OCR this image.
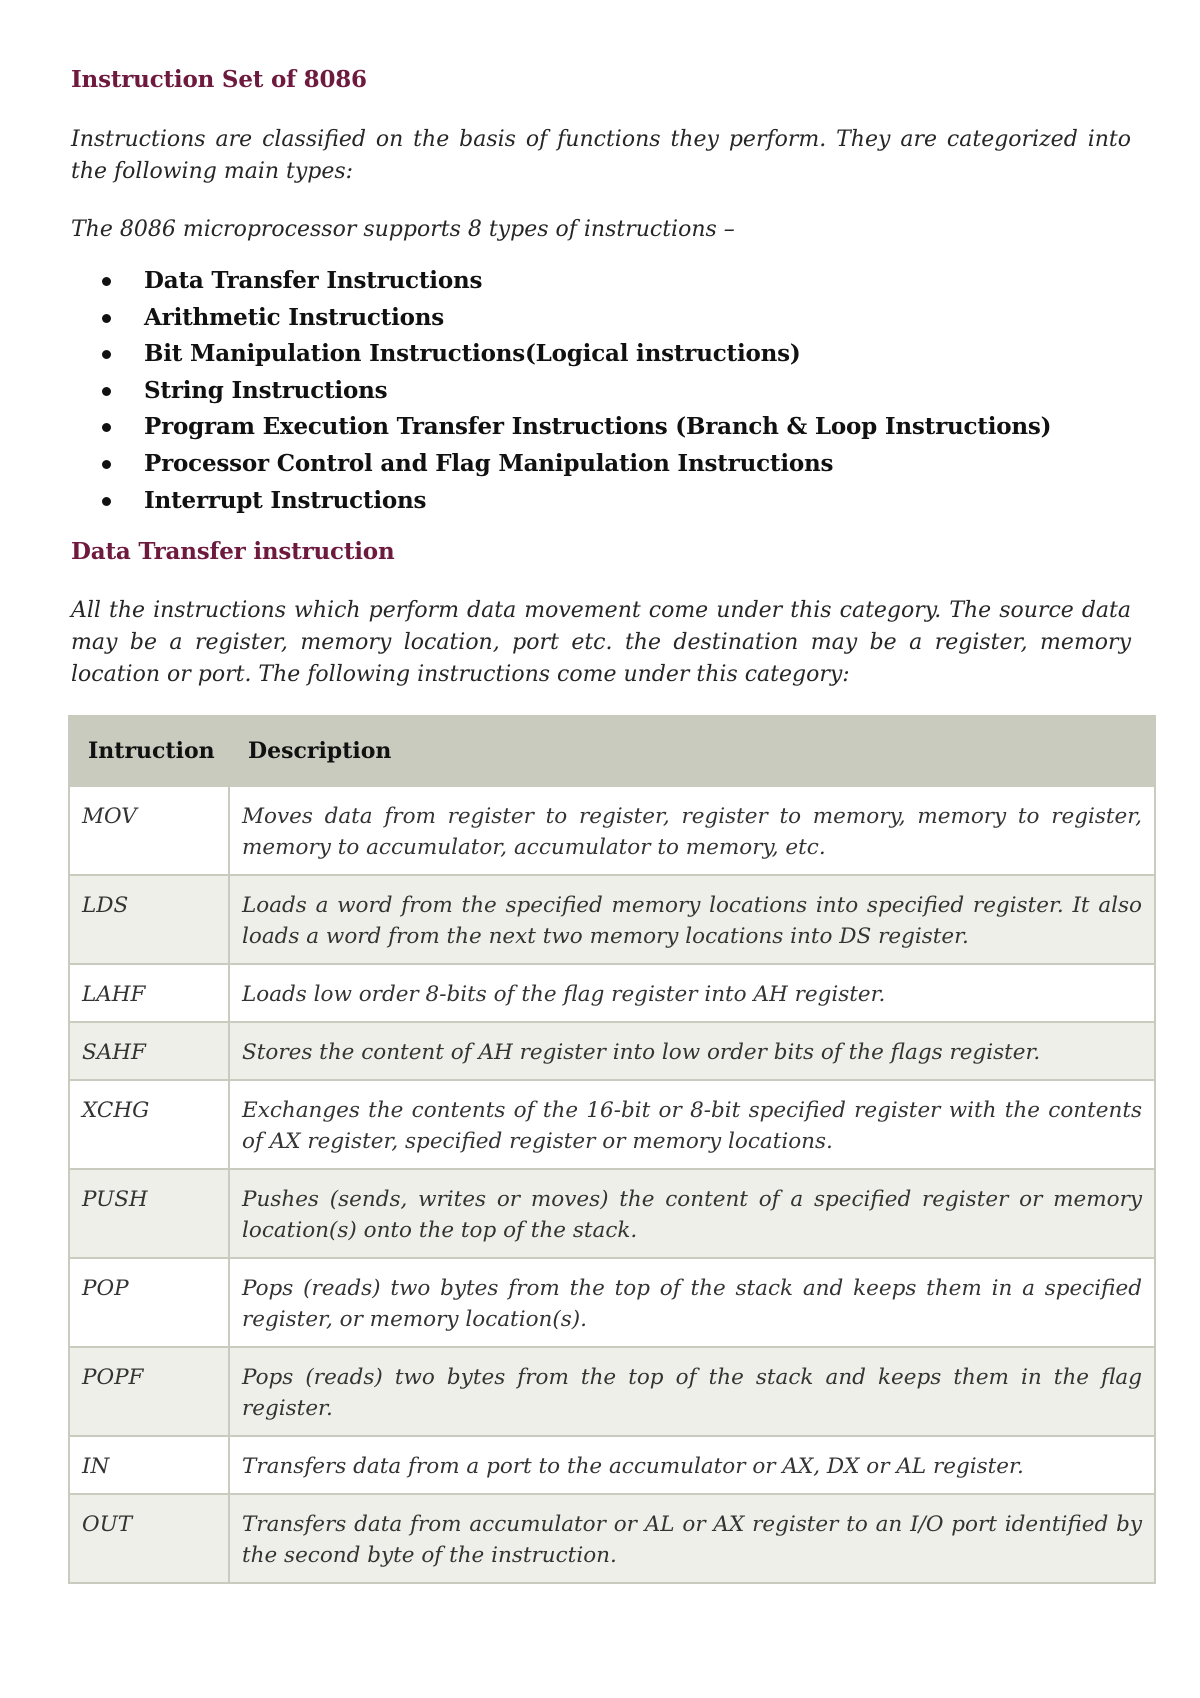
Instruction Set of 8086

Instructions are classified on the basis of functions they perform. They are categorized into the following main types:

The 8086 microprocessor supports 8 types of instructions –

Data Transfer Instructions
Arithmetic Instructions
Bit Manipulation Instructions(Logical instructions)
String Instructions
Program Execution Transfer Instructions (Branch & Loop Instructions)
Processor Control and Flag Manipulation Instructions
Interrupt Instructions
Data Transfer instruction

All the instructions which perform data movement come under this category. The source data may be a register, memory location, port etc. the destination may be a register, memory location or port. The following instructions come under this category:

Intruction	Description
MOV	Moves data from register to register, register to memory, memory to register, memory to accumulator, accumulator to memory, etc.
LDS	Loads a word from the specified memory locations into specified register. It also loads a word from the next two memory locations into DS register.
LAHF	Loads low order 8-bits of the flag register into AH register.
SAHF	Stores the content of AH register into low order bits of the flags register.
XCHG	Exchanges the contents of the 16-bit or 8-bit specified register with the contents of AX register, specified register or memory locations.
PUSH	Pushes (sends, writes or moves) the content of a specified register or memory location(s) onto the top of the stack.
POP	Pops (reads) two bytes from the top of the stack and keeps them in a specified register, or memory location(s).
POPF	Pops (reads) two bytes from the top of the stack and keeps them in the flag register.
IN	Transfers data from a port to the accumulator or AX, DX or AL register.
OUT	Transfers data from accumulator or AL or AX register to an I/O port identified by the second byte of the instruction.
